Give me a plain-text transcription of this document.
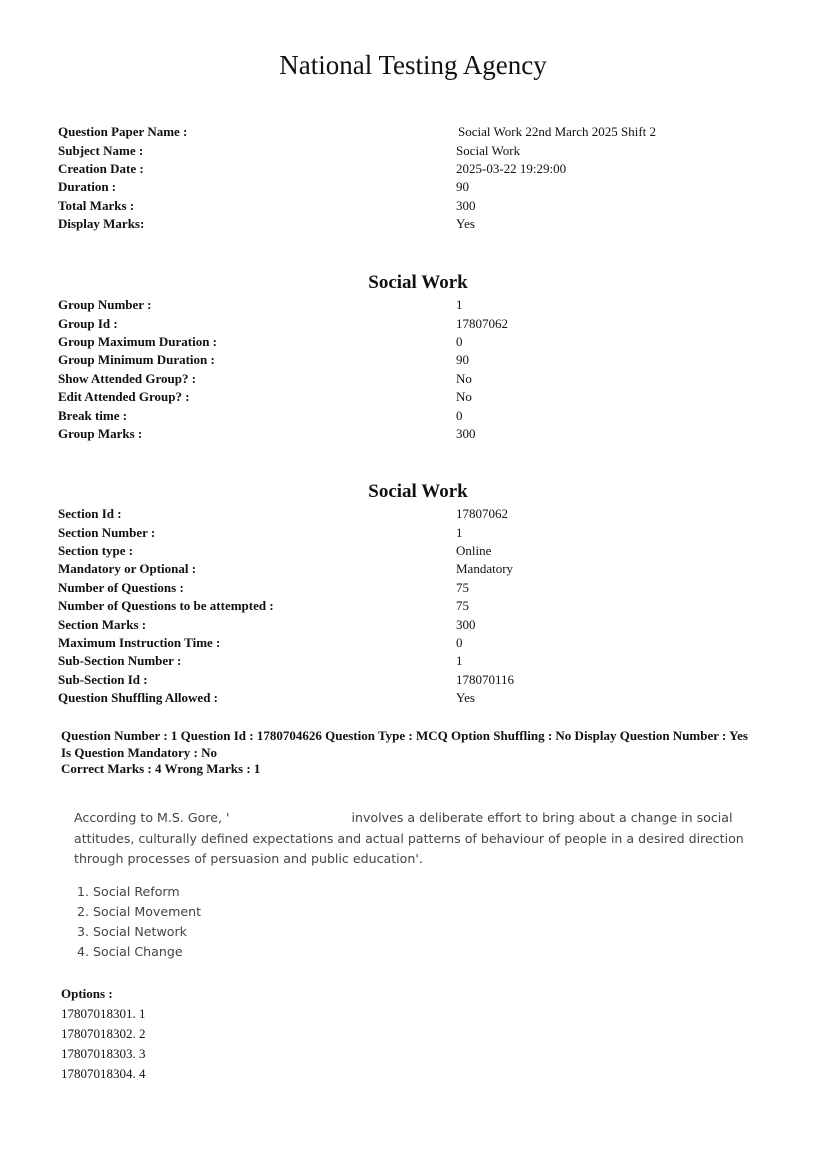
National Testing Agency
Question Paper Name :	Social Work 22nd March 2025 Shift 2
Subject Name :	Social Work
Creation Date :	2025-03-22 19:29:00
Duration :	90
Total Marks :	300
Display Marks:	Yes
Social Work
Group Number :	1
Group Id :	17807062
Group Maximum Duration :	0
Group Minimum Duration :	90
Show Attended Group? :	No
Edit Attended Group? :	No
Break time :	0
Group Marks :	300
Social Work
Section Id :	17807062
Section Number :	1
Section type :	Online
Mandatory or Optional :	Mandatory
Number of Questions :	75
Number of Questions to be attempted :	75
Section Marks :	300
Maximum Instruction Time :	0
Sub-Section Number :	1
Sub-Section Id :	178070116
Question Shuffling Allowed :	Yes
Question Number : 1 Question Id : 1780704626 Question Type : MCQ Option Shuffling : No Display Question Number : Yes
Is Question Mandatory : No
Correct Marks : 4 Wrong Marks : 1
According to M.S. Gore, '	involves a deliberate effort to bring about a change in social attitudes, culturally defined expectations and actual patterns of behaviour of people in a desired direction through processes of persuasion and public education'.
1. Social Reform
2. Social Movement
3. Social Network
4. Social Change
Options :
17807018301. 1
17807018302. 2
17807018303. 3
17807018304. 4
